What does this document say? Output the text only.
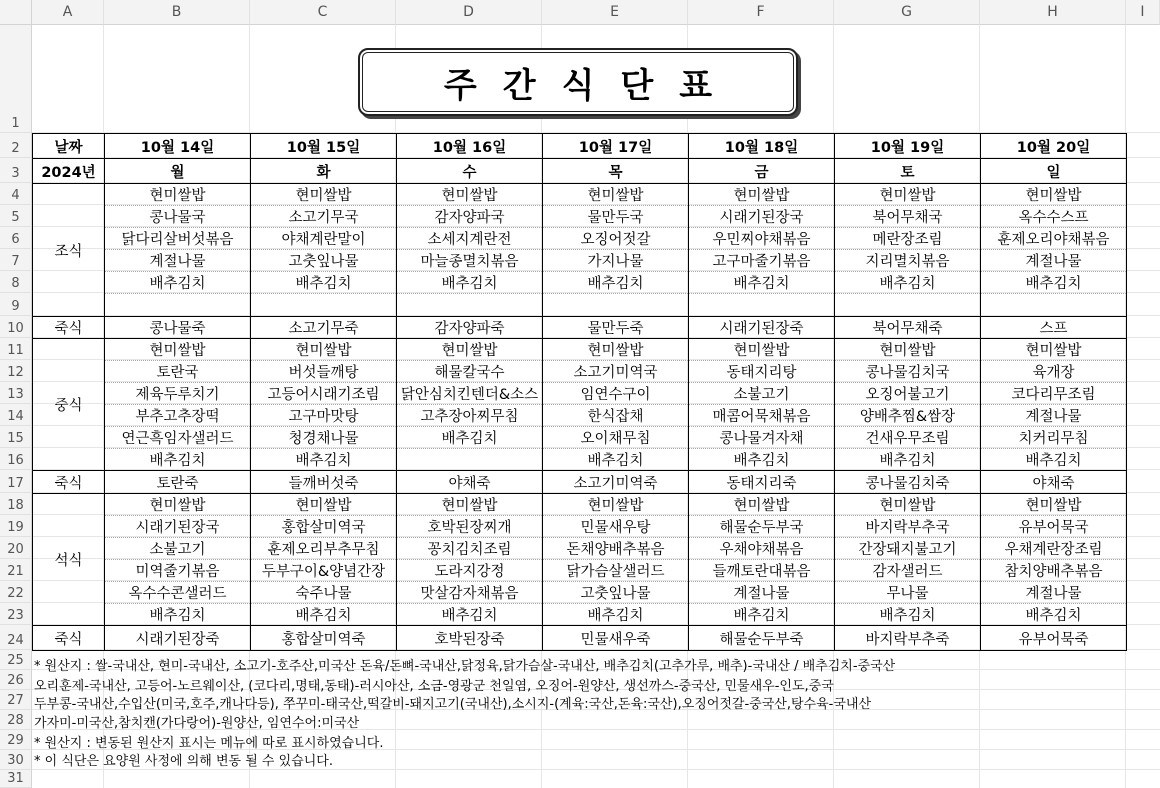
A	B	C	D	E	F	G	H	I
1
2
3
4
5
6
7
8
9
10
11
12
13
14
15
16
17
18
19
20
21
22
23
24
25
26
27
28
29
30
31
주간식단표
날짜	10월 14일	10월 15일	10월 16일	10월 17일	10월 18일	10월 19일	10월 20일
2024년	월	화	수	목	금	토	일
조식	현미쌀밥	현미쌀밥	현미쌀밥	현미쌀밥	현미쌀밥	현미쌀밥	현미쌀밥
	콩나물국	소고기무국	감자양파국	물만두국	시래기된장국	북어무채국	옥수수스프
	닭다리살버섯볶음	야채계란말이	소세지계란전	오징어젓갈	우민찌야채볶음	메란장조림	훈제오리야채볶음
	계절나물	고춧잎나물	마늘종멸치볶음	가지나물	고구마줄기볶음	지리멸치볶음	계절나물
	배추김치	배추김치	배추김치	배추김치	배추김치	배추김치	배추김치

죽식	콩나물죽	소고기무죽	감자양파죽	물만두죽	시래기된장죽	북어무채죽	스프
중식	현미쌀밥	현미쌀밥	현미쌀밥	현미쌀밥	현미쌀밥	현미쌀밥	현미쌀밥
	토란국	버섯들깨탕	해물칼국수	소고기미역국	동태지리탕	콩나물김치국	육개장
	제육두루치기	고등어시래기조림	닭안심치킨텐더&소스	임연수구이	소불고기	오징어불고기	코다리무조림
	부추고추장떡	고구마맛탕	고추장아찌무침	한식잡채	매콤어묵채볶음	양배추찜&쌈장	계절나물
	연근흑임자샐러드	청경채나물	배추김치	오이채무침	콩나물겨자채	건새우무조림	치커리무침
	배추김치	배추김치		배추김치	배추김치	배추김치	배추김치
죽식	토란죽	들깨버섯죽	야채죽	소고기미역죽	동태지리죽	콩나물김치죽	야채죽
석식	현미쌀밥	현미쌀밥	현미쌀밥	현미쌀밥	현미쌀밥	현미쌀밥	현미쌀밥
	시래기된장국	홍합살미역국	호박된장찌개	민물새우탕	해물순두부국	바지락부추국	유부어묵국
	소불고기	훈제오리부추무침	꽁치김치조림	돈채양배추볶음	우채야채볶음	간장돼지불고기	우채계란장조림
	미역줄기볶음	두부구이&양념간장	도라지강정	닭가슴살샐러드	들깨토란대볶음	감자샐러드	참치양배추볶음
	옥수수콘샐러드	숙주나물	맛살감자채볶음	고춧잎나물	계절나물	무나물	계절나물
	배추김치	배추김치	배추김치	배추김치	배추김치	배추김치	배추김치
죽식	시래기된장죽	홍합살미역죽	호박된장죽	민물새우죽	해물순두부죽	바지락부추죽	유부어묵죽
* 원산지 : 쌀-국내산, 현미-국내산, 소고기-호주산,미국산 돈육/돈뼈-국내산,닭정육,닭가슴살-국내산, 배추김치(고추가루, 배추)-국내산 / 배추김치-중국산
오리훈제-국내산, 고등어-노르웨이산, (코다리,명태,동태)-러시아산, 소금-영광군 천일염, 오징어-원양산, 생선까스-중국산, 민물새우-인도,중국
두부콩-국내산,수입산(미국,호주,캐나다등), 쭈꾸미-태국산,떡갈비-돼지고기(국내산),소시지-(계육:국산,돈육:국산),오징어젓갈-중국산,탕수육-국내산
가자미-미국산,참치캔(가다랑어)-원양산, 임연수어:미국산
* 원산지 : 변동된 원산지 표시는 메뉴에 따로 표시하였습니다.
* 이 식단은 요양원 사정에 의해 변동 될 수 있습니다.
